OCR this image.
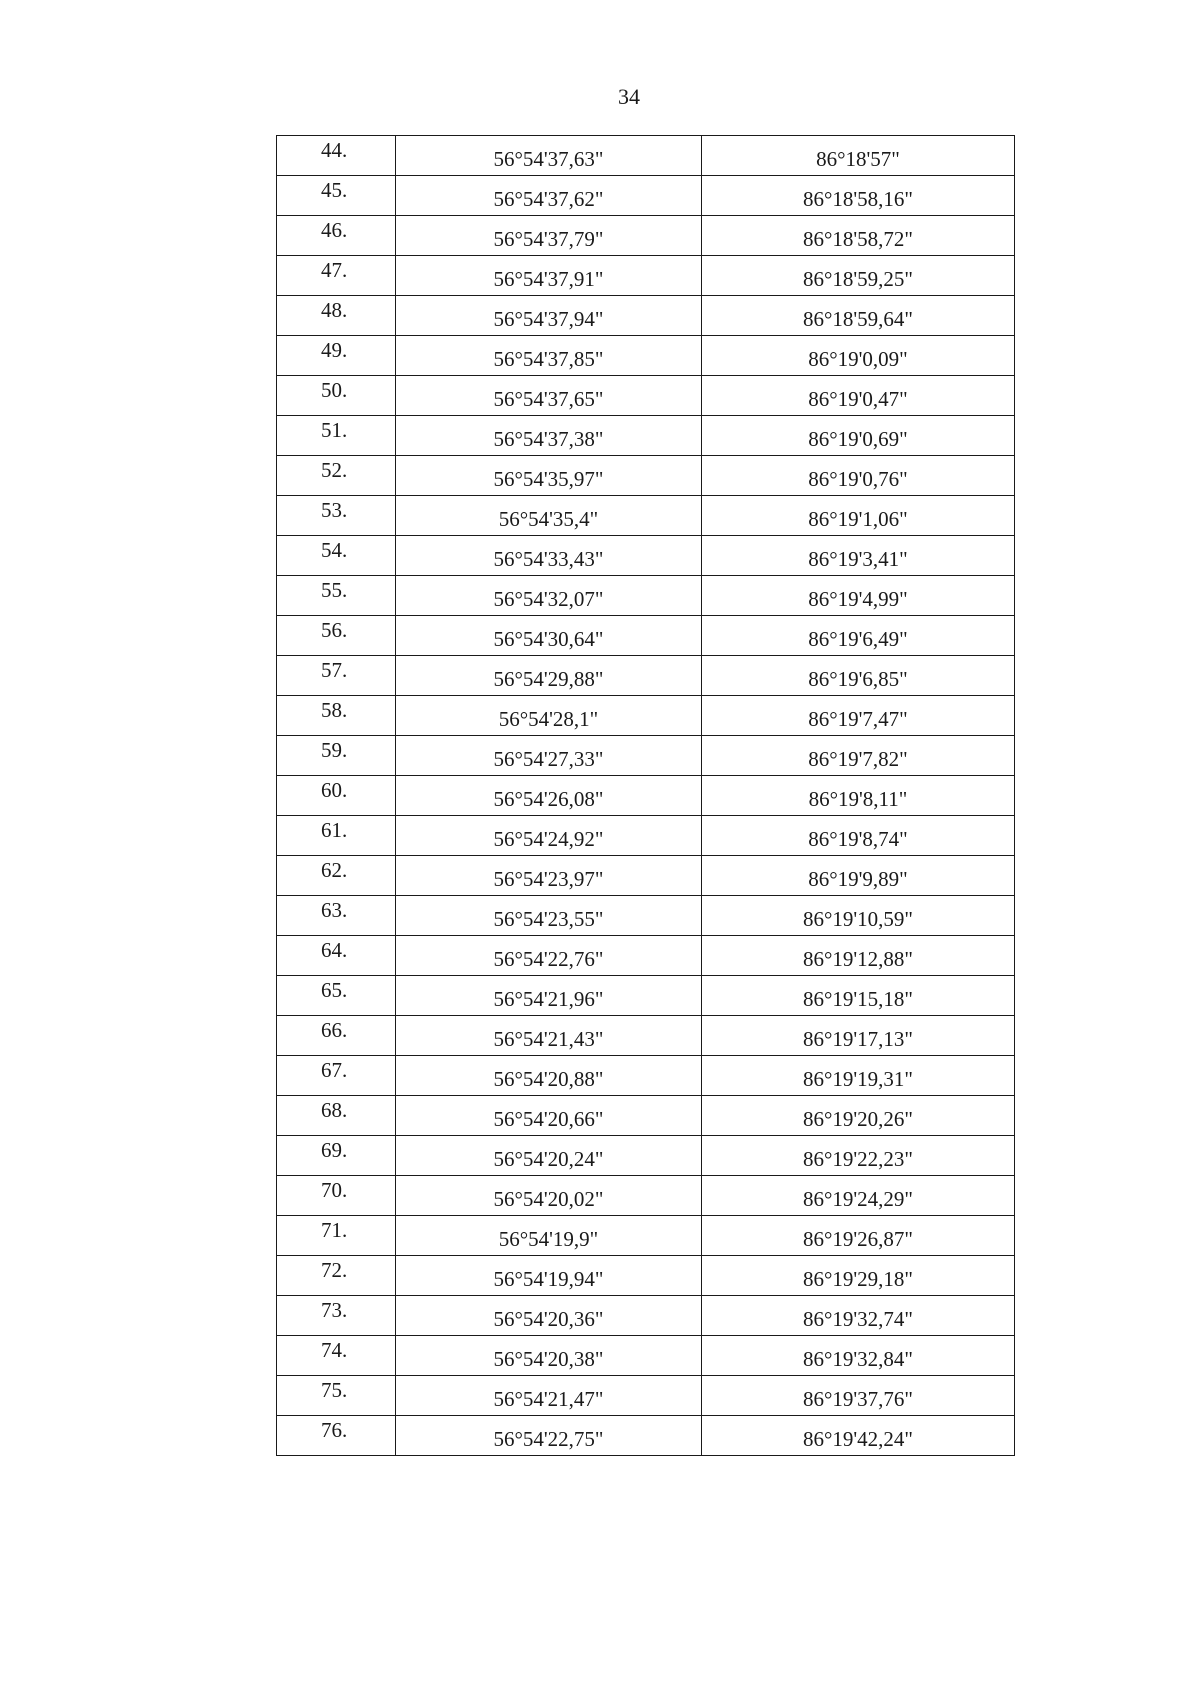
34
44.	56°54'37,63"	86°18'57"
45.	56°54'37,62"	86°18'58,16"
46.	56°54'37,79"	86°18'58,72"
47.	56°54'37,91"	86°18'59,25"
48.	56°54'37,94"	86°18'59,64"
49.	56°54'37,85"	86°19'0,09"
50.	56°54'37,65"	86°19'0,47"
51.	56°54'37,38"	86°19'0,69"
52.	56°54'35,97"	86°19'0,76"
53.	56°54'35,4"	86°19'1,06"
54.	56°54'33,43"	86°19'3,41"
55.	56°54'32,07"	86°19'4,99"
56.	56°54'30,64"	86°19'6,49"
57.	56°54'29,88"	86°19'6,85"
58.	56°54'28,1"	86°19'7,47"
59.	56°54'27,33"	86°19'7,82"
60.	56°54'26,08"	86°19'8,11"
61.	56°54'24,92"	86°19'8,74"
62.	56°54'23,97"	86°19'9,89"
63.	56°54'23,55"	86°19'10,59"
64.	56°54'22,76"	86°19'12,88"
65.	56°54'21,96"	86°19'15,18"
66.	56°54'21,43"	86°19'17,13"
67.	56°54'20,88"	86°19'19,31"
68.	56°54'20,66"	86°19'20,26"
69.	56°54'20,24"	86°19'22,23"
70.	56°54'20,02"	86°19'24,29"
71.	56°54'19,9"	86°19'26,87"
72.	56°54'19,94"	86°19'29,18"
73.	56°54'20,36"	86°19'32,74"
74.	56°54'20,38"	86°19'32,84"
75.	56°54'21,47"	86°19'37,76"
76.	56°54'22,75"	86°19'42,24"
